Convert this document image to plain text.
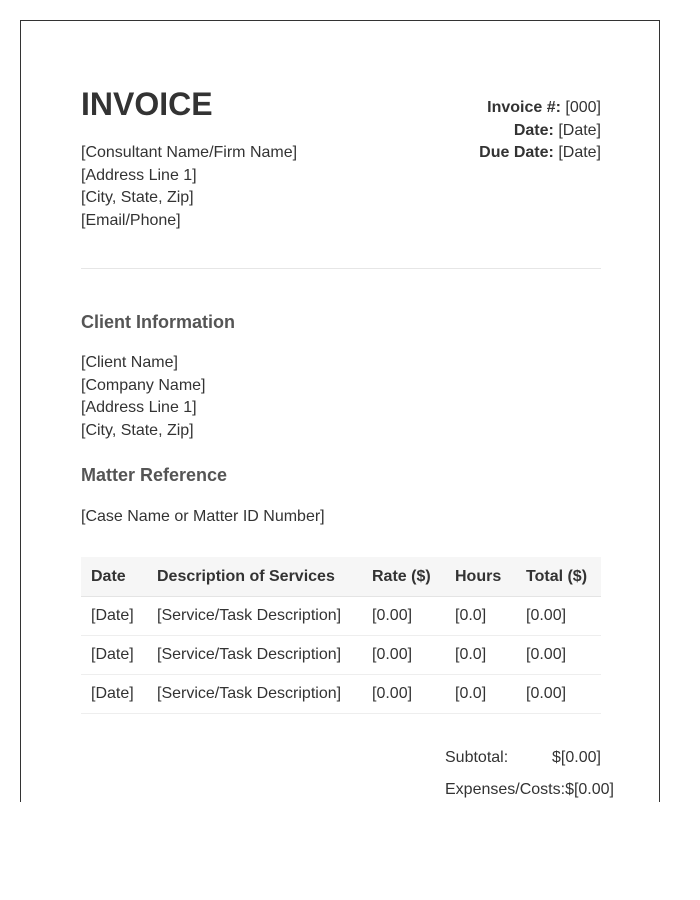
INVOICE
[Consultant Name/Firm Name]
[Address Line 1]
[City, State, Zip]
[Email/Phone]
Invoice #: [000]
Date: [Date]
Due Date: [Date]
Client Information
[Client Name]
[Company Name]
[Address Line 1]
[City, State, Zip]
Matter Reference
[Case Name or Matter ID Number]
Date	Description of Services	Rate ($)	Hours	Total ($)
[Date]	[Service/Task Description]	[0.00]	[0.0]	[0.00]
[Date]	[Service/Task Description]	[0.00]	[0.0]	[0.00]
[Date]	[Service/Task Description]	[0.00]	[0.0]	[0.00]
Subtotal:	$[0.00]
Expenses/Costs: $[0.00]
